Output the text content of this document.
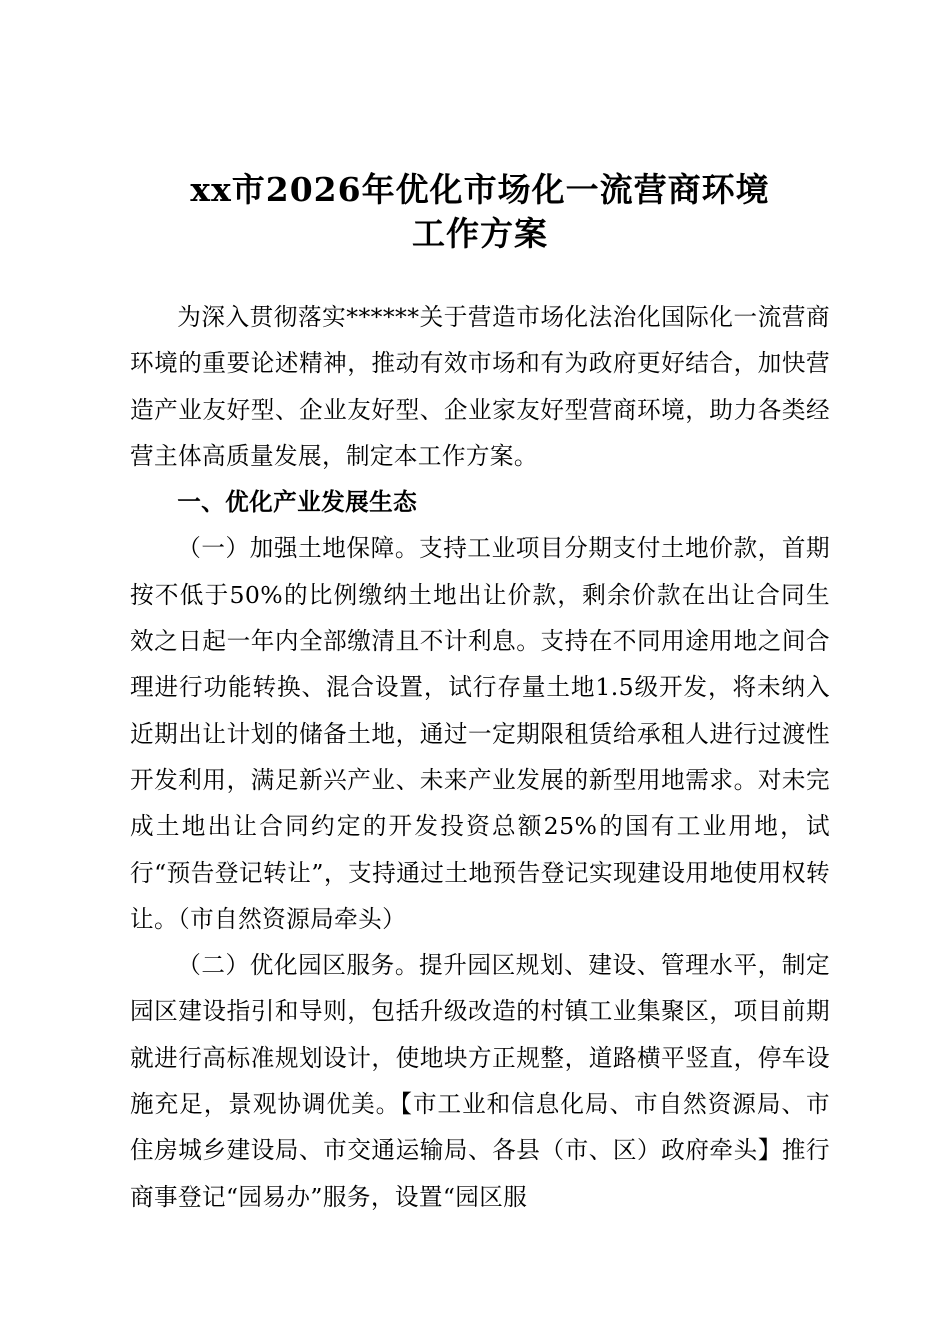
xx市2026年优化市场化一流营商环境
工作方案

为深入贯彻落实******关于营造市场化法治化国际化一流营商环境的重要论述精神，推动有效市场和有为政府更好结合，加快营造产业友好型、企业友好型、企业家友好型营商环境，助力各类经营主体高质量发展，制定本工作方案。

一、优化产业发展生态

（一）加强土地保障。支持工业项目分期支付土地价款，首期按不低于50%的比例缴纳土地出让价款，剩余价款在出让合同生效之日起一年内全部缴清且不计利息。支持在不同用途用地之间合理进行功能转换、混合设置，试行存量土地1.5级开发，将未纳入近期出让计划的储备土地，通过一定期限租赁给承租人进行过渡性开发利用，满足新兴产业、未来产业发展的新型用地需求。对未完成土地出让合同约定的开发投资总额25%的国有工业用地，试行“预告登记转让”，支持通过土地预告登记实现建设用地使用权转让。（市自然资源局牵头）

（二）优化园区服务。提升园区规划、建设、管理水平，制定园区建设指引和导则，包括升级改造的村镇工业集聚区，项目前期就进行高标准规划设计，使地块方正规整，道路横平竖直，停车设施充足，景观协调优美。【市工业和信息化局、市自然资源局、市住房城乡建设局、市交通运输局、各县（市、区）政府牵头】推行商事登记“园易办”服务，设置“园区服
